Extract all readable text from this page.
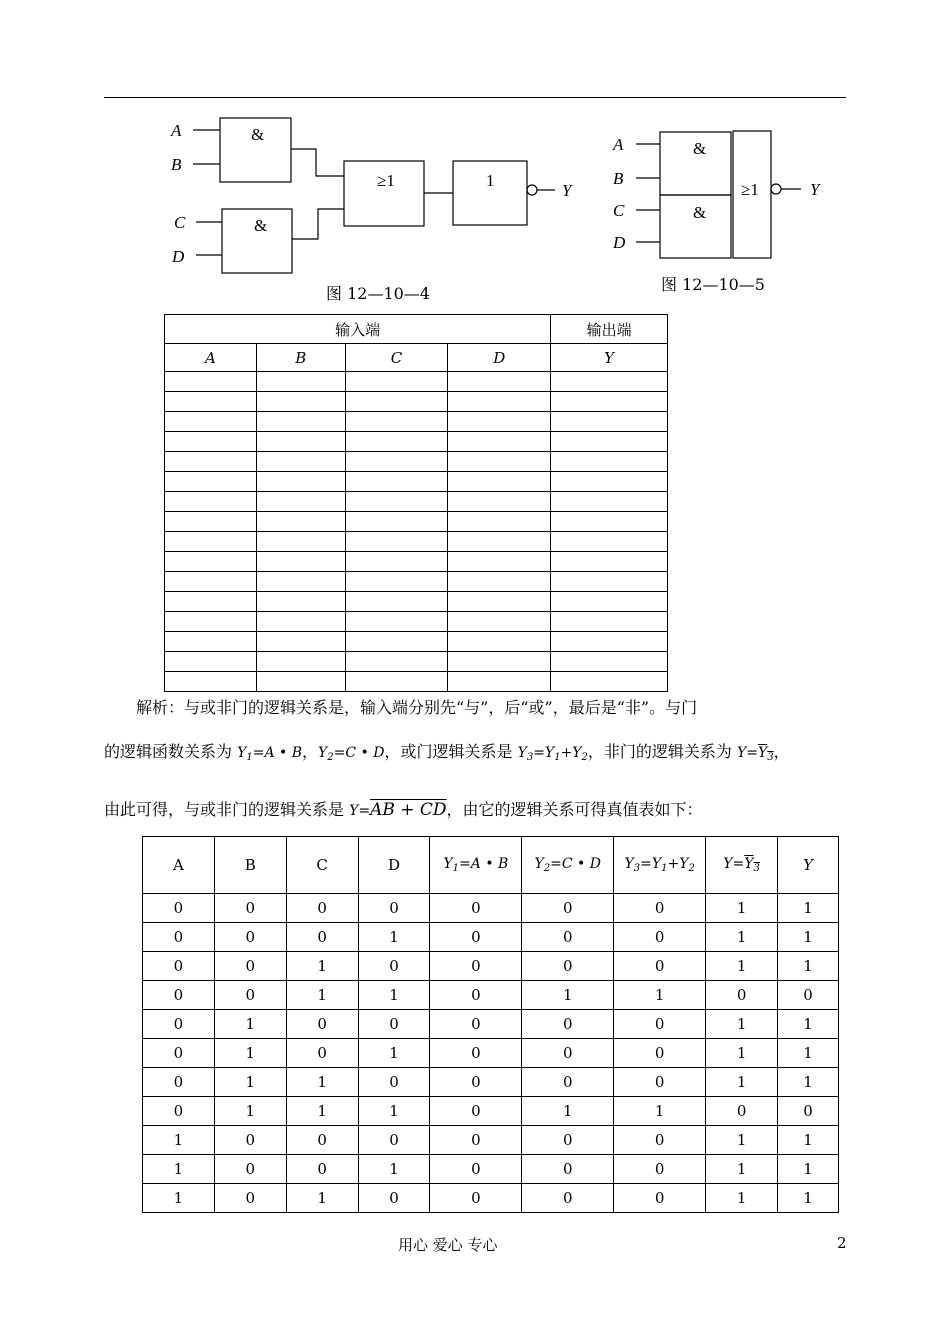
A
B
C
D
&
&
≥1	1
Y
A
B
C
D
&
&
≥1	Y
图 12—10—4	图 12—10—5
输入端				输出端
A	B	C	D	Y

解析：与或非门的逻辑关系是，输入端分别先“与”，后“或”，最后是“非”。与门
的逻辑函数关系为 $Y_1=A$ • B，$Y_2=C$ • D，或门逻辑关系是 $Y_3=Y_1+Y_2$，非门的逻辑关系为 $Y=Y_3$，
由此可得，与或非门的逻辑关系是 Y=AB + CD，由它的逻辑关系可得真值表如下：
A	B	C	D	$Y_1=A$ • B	$Y_2=C$ • D	$Y_3=Y_1+Y_2$	$Y=Y_3$	Y
0	0	0	0	0	0	0	1	1
0	0	0	1	0	0	0	1	1
0	0	1	0	0	0	0	1	1
0	0	1	1	0	1	1	0	0
0	1	0	0	0	0	0	1	1
0	1	0	1	0	0	0	1	1
0	1	1	0	0	0	0	1	1
0	1	1	1	0	1	1	0	0
1	0	0	0	0	0	0	1	1
1	0	0	1	0	0	0	1	1
1	0	1	0	0	0	0	1	1
用心 爱心 专心	2
